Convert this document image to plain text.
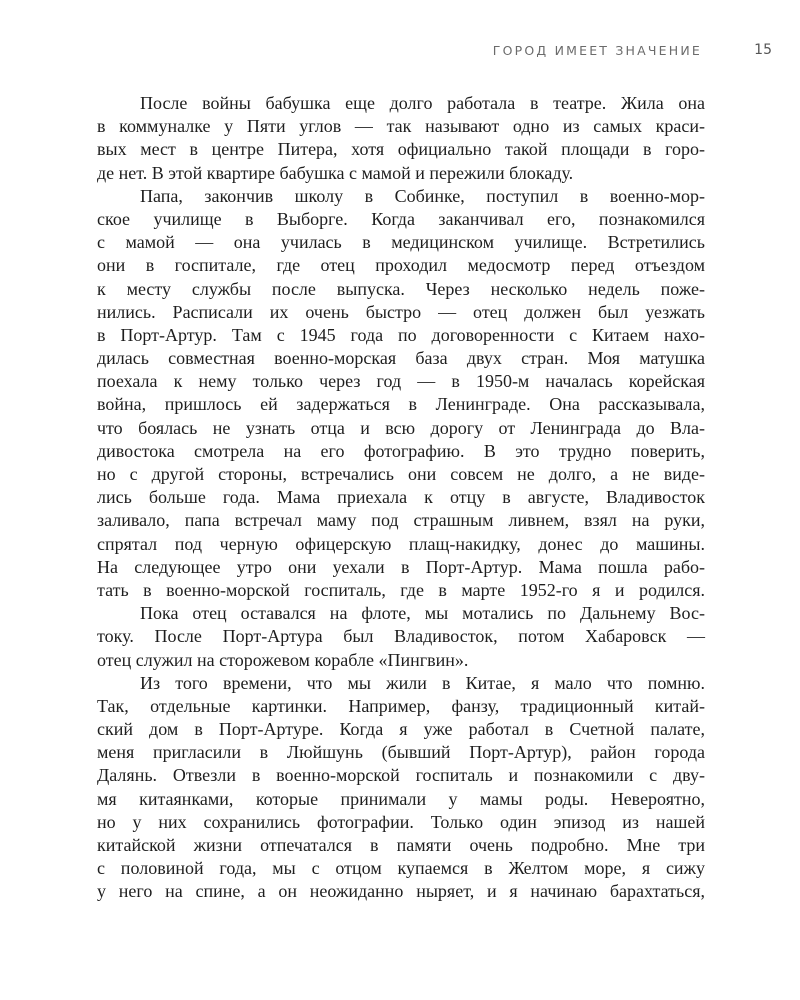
ГОРОД ИМЕЕТ ЗНАЧЕНИЕ	15
После войны бабушка еще долго работала в театре. Жила она
в коммуналке у Пяти углов — так называют одно из самых краси-
вых мест в центре Питера, хотя официально такой площади в горо-
де нет. В этой квартире бабушка с мамой и пережили блокаду.
Папа, закончив школу в Собинке, поступил в военно-мор-
ское училище в Выборге. Когда заканчивал его, познакомился
с мамой — она училась в медицинском училище. Встретились
они в госпитале, где отец проходил медосмотр перед отъездом
к месту службы после выпуска. Через несколько недель поже-
нились. Расписали их очень быстро — отец должен был уезжать
в Порт-Артур. Там с 1945 года по договоренности с Китаем нахо-
дилась совместная военно-морская база двух стран. Моя матушка
поехала к нему только через год — в 1950-м началась корейская
война, пришлось ей задержаться в Ленинграде. Она рассказывала,
что боялась не узнать отца и всю дорогу от Ленинграда до Вла-
дивостока смотрела на его фотографию. В это трудно поверить,
но с другой стороны, встречались они совсем не долго, а не виде-
лись больше года. Мама приехала к отцу в августе, Владивосток
заливало, папа встречал маму под страшным ливнем, взял на руки,
спрятал под черную офицерскую плащ-накидку, донес до машины.
На следующее утро они уехали в Порт-Артур. Мама пошла рабо-
тать в военно-морской госпиталь, где в марте 1952-го я и родился.
Пока отец оставался на флоте, мы мотались по Дальнему Вос-
току. После Порт-Артура был Владивосток, потом Хабаровск —
отец служил на сторожевом корабле «Пингвин».
Из того времени, что мы жили в Китае, я мало что помню.
Так, отдельные картинки. Например, фанзу, традиционный китай-
ский дом в Порт-Артуре. Когда я уже работал в Счетной палате,
меня пригласили в Люйшунь (бывший Порт-Артур), район города
Далянь. Отвезли в военно-морской госпиталь и познакомили с дву-
мя китаянками, которые принимали у мамы роды. Невероятно,
но у них сохранились фотографии. Только один эпизод из нашей
китайской жизни отпечатался в памяти очень подробно. Мне три
с половиной года, мы с отцом купаемся в Желтом море, я сижу
у него на спине, а он неожиданно ныряет, и я начинаю барахтаться,
